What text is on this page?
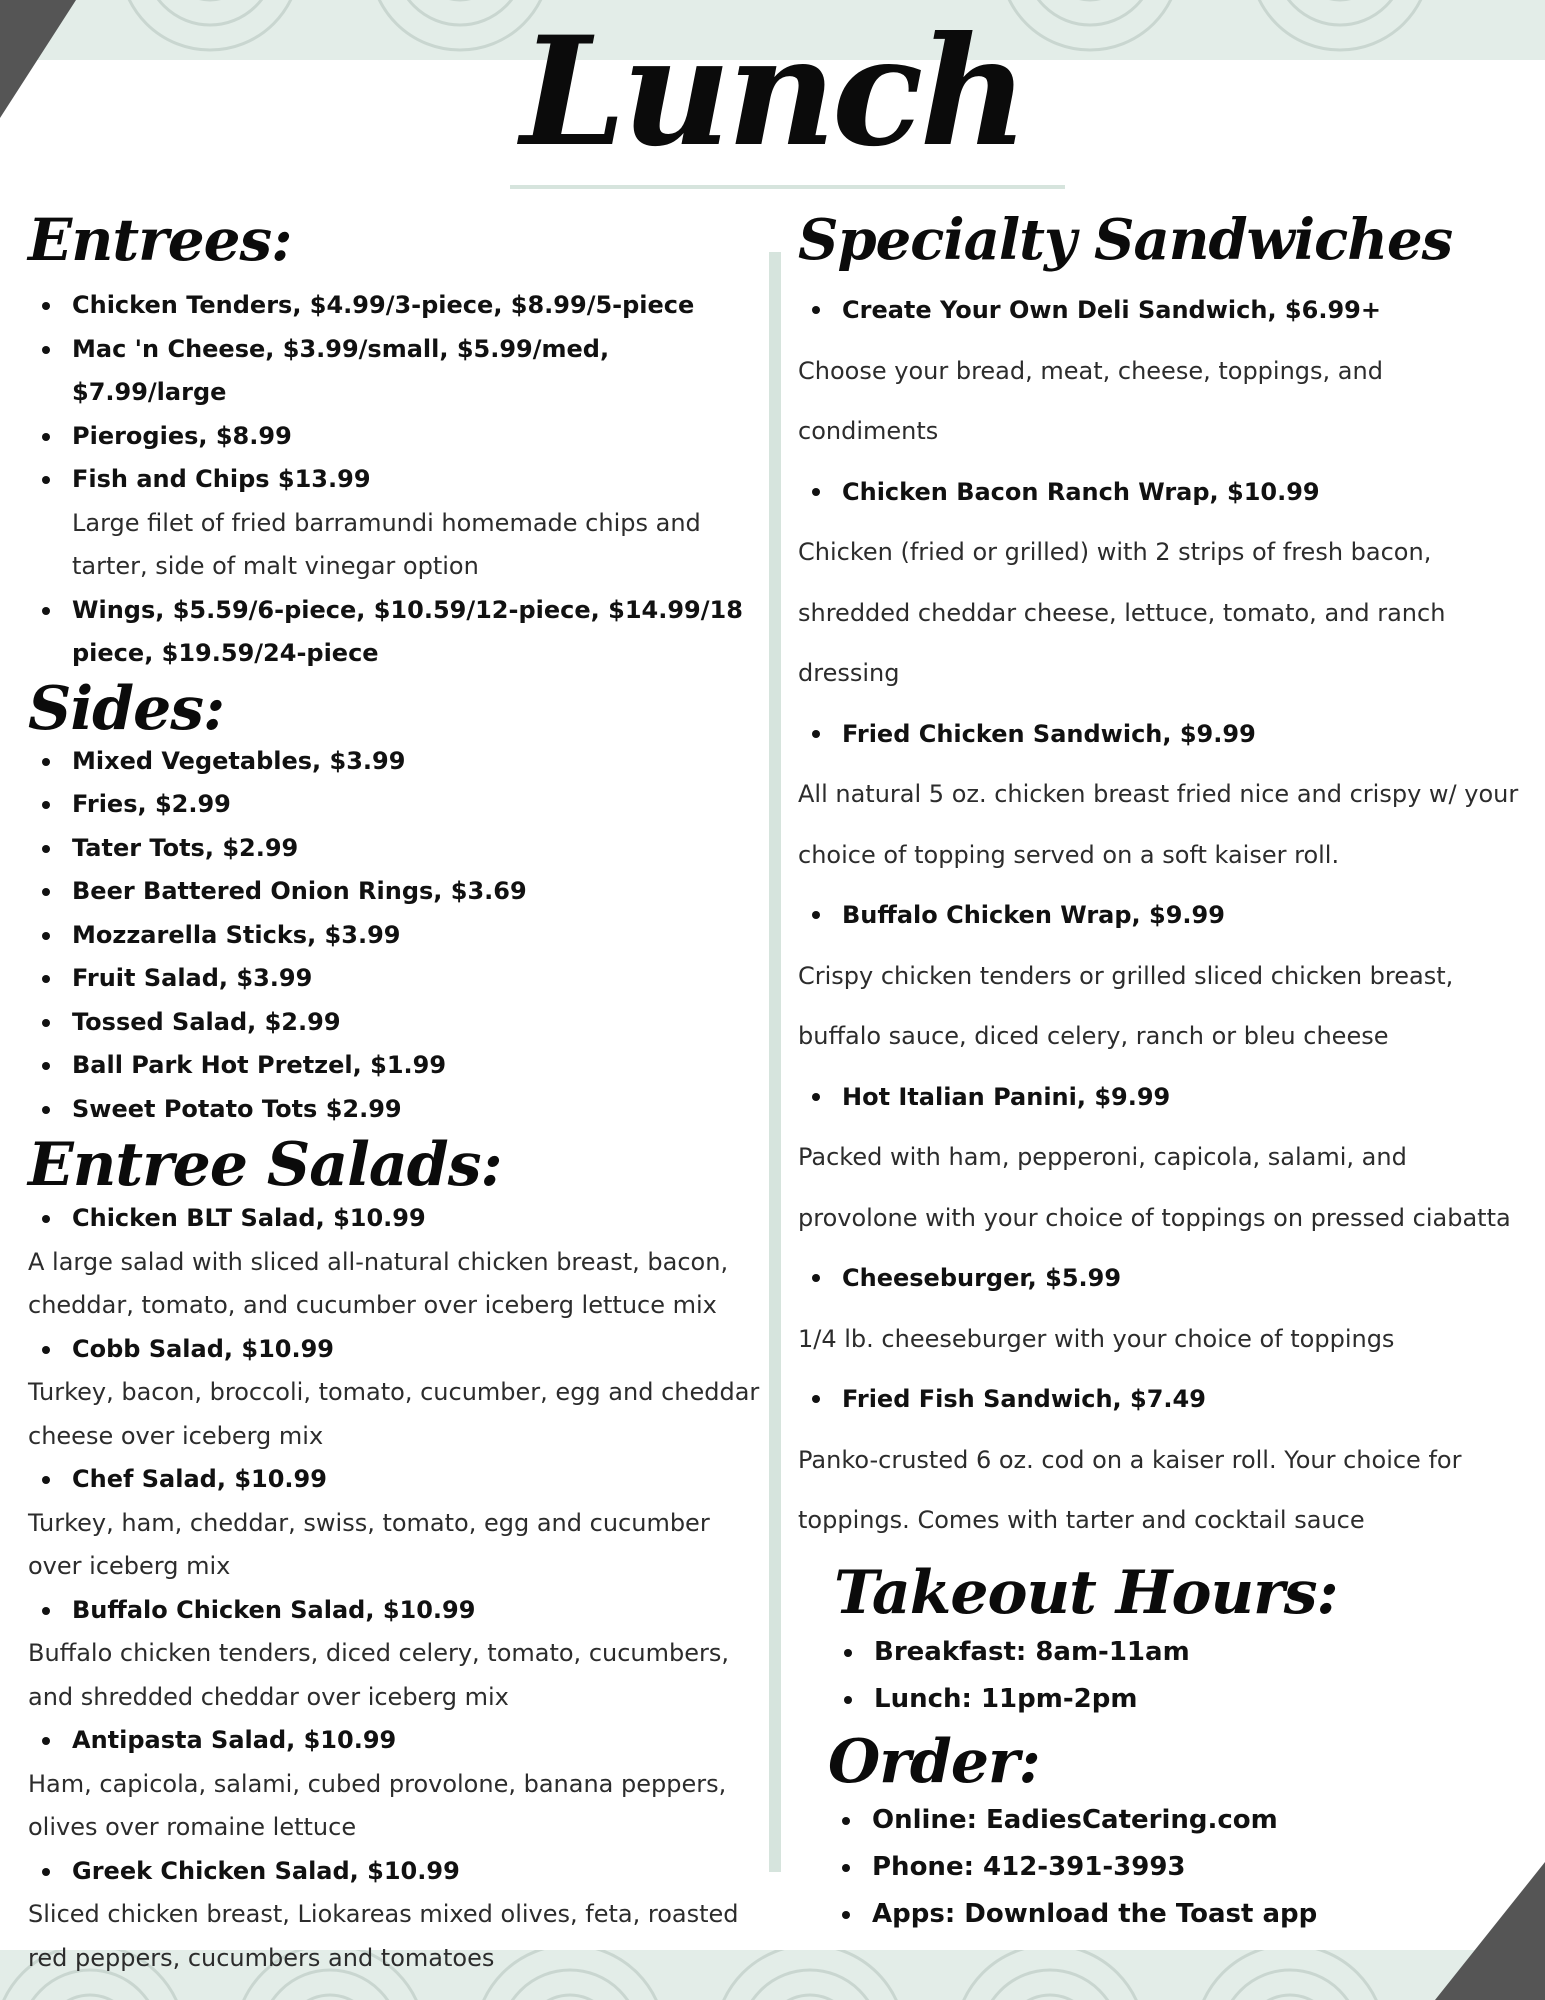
Lunch
Entrees:
Chicken Tenders, $4.99/3-piece, $8.99/5-piece
Mac 'n Cheese, $3.99/small, $5.99/med, $7.99/large
Pierogies, $8.99
Fish and Chips $13.99
Large filet of fried barramundi homemade chips and tarter, side of malt vinegar option
Wings, $5.59/6-piece, $10.59/12-piece, $14.99/18 piece, $19.59/24-piece
Sides:
Mixed Vegetables, $3.99
Fries, $2.99
Tater Tots, $2.99
Beer Battered Onion Rings, $3.69
Mozzarella Sticks, $3.99
Fruit Salad, $3.99
Tossed Salad, $2.99
Ball Park Hot Pretzel, $1.99
Sweet Potato Tots $2.99
Entree Salads:
Chicken BLT Salad, $10.99
A large salad with sliced all-natural chicken breast, bacon, cheddar, tomato, and cucumber over iceberg lettuce mix
Cobb Salad, $10.99
Turkey, bacon, broccoli, tomato, cucumber, egg and cheddar cheese over iceberg mix
Chef Salad, $10.99
Turkey, ham, cheddar, swiss, tomato, egg and cucumber over iceberg mix
Buffalo Chicken Salad, $10.99
Buffalo chicken tenders, diced celery, tomato, cucumbers, and shredded cheddar over iceberg mix
Antipasta Salad, $10.99
Ham, capicola, salami, cubed provolone, banana peppers, olives over romaine lettuce
Greek Chicken Salad, $10.99
Sliced chicken breast, Liokareas mixed olives, feta, roasted red peppers, cucumbers and tomatoes
Specialty Sandwiches
Create Your Own Deli Sandwich, $6.99+
Choose your bread, meat, cheese, toppings, and condiments
Chicken Bacon Ranch Wrap, $10.99
Chicken (fried or grilled) with 2 strips of fresh bacon, shredded cheddar cheese, lettuce, tomato, and ranch dressing
Fried Chicken Sandwich, $9.99
All natural 5 oz. chicken breast fried nice and crispy w/ your choice of topping served on a soft kaiser roll.
Buffalo Chicken Wrap, $9.99
Crispy chicken tenders or grilled sliced chicken breast, buffalo sauce, diced celery, ranch or bleu cheese
Hot Italian Panini, $9.99
Packed with ham, pepperoni, capicola, salami, and provolone with your choice of toppings on pressed ciabatta
Cheeseburger, $5.99
1/4 lb. cheeseburger with your choice of toppings
Fried Fish Sandwich, $7.49
Panko-crusted 6 oz. cod on a kaiser roll. Your choice for toppings. Comes with tarter and cocktail sauce
Takeout Hours:
Breakfast: 8am-11am
Lunch: 11pm-2pm
Order:
Online: EadiesCatering.com
Phone: 412-391-3993
Apps: Download the Toast app
